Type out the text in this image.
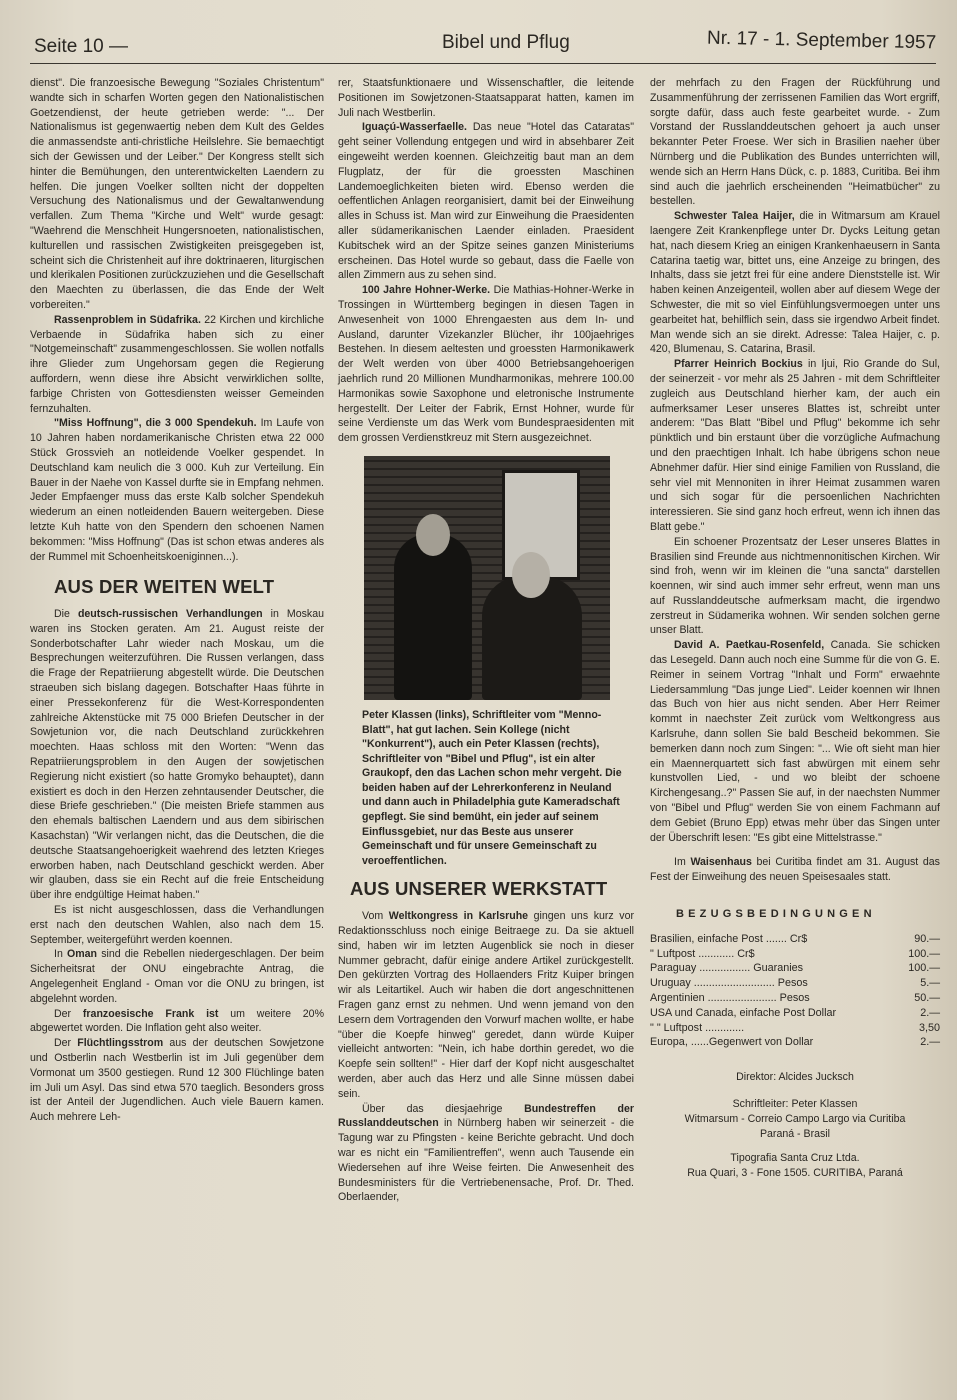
Seite 10 —	Bibel und Pflug	Nr. 17 - 1. September 1957

dienst". Die franzoesische Bewegung "Soziales Christentum" wandte sich in scharfen Worten gegen den Nationalistischen Goetzendienst, der heute getrieben werde: "... Der Nationalismus ist gegenwaertig neben dem Kult des Geldes die anmassendste anti-christliche Heilslehre. Sie bemaechtigt sich der Gewissen und der Leiber." Der Kongress stellt sich hinter die Bemühungen, den unterentwickelten Laendern zu helfen. Die jungen Voelker sollten nicht der doppelten Versuchung des Nationalismus und der Gewaltanwendung verfallen. Zum Thema "Kirche und Welt" wurde gesagt: "Waehrend die Menschheit Hungersnoeten, nationalistischen, kulturellen und rassischen Zwistigkeiten preisgegeben ist, scheint sich die Christenheit auf ihre doktrinaeren, liturgischen und klerikalen Positionen zurückzuziehen und die Gesellschaft den Maechten zu überlassen, die das Ende der Welt vorbereiten."

Rassenproblem in Südafrika. 22 Kirchen und kirchliche Verbaende in Südafrika haben sich zu einer "Notgemeinschaft" zusammengeschlossen. Sie wollen notfalls ihre Glieder zum Ungehorsam gegen die Regierung auffordern, wenn diese ihre Absicht verwirklichen sollte, farbige Christen von Gottesdiensten weisser Gemeinden fernzuhalten.

"Miss Hoffnung", die 3 000 Spendekuh. Im Laufe von 10 Jahren haben nordamerikanische Christen etwa 22 000 Stück Grossvieh an notleidende Voelker gespendet. In Deutschland kam neulich die 3 000. Kuh zur Verteilung. Ein Bauer in der Naehe von Kassel durfte sie in Empfang nehmen. Jeder Empfaenger muss das erste Kalb solcher Spendekuh wiederum an einen notleidenden Bauern weitergeben. Diese letzte Kuh hatte von den Spendern den schoenen Namen bekommen: "Miss Hoffnung" (Das ist schon etwas anderes als der Rummel mit Schoenheitskoeniginnen...).

AUS DER WEITEN WELT

Die deutsch-russischen Verhandlungen in Moskau waren ins Stocken geraten. Am 21. August reiste der Sonderbotschafter Lahr wieder nach Moskau, um die Besprechungen weiterzuführen. Die Russen verlangen, dass die Frage der Repatriierung abgestellt würde. Die Deutschen straeuben sich bislang dagegen. Botschafter Haas führte in einer Pressekonferenz für die West-Korrespondenten zahlreiche Aktenstücke mit 75 000 Briefen Deutscher in der Sowjetunion vor, die nach Deutschland zurückkehren moechten. Haas schloss mit den Worten: "Wenn das Repatriierungsproblem in den Augen der sowjetischen Regierung nicht existiert (so hatte Gromyko behauptet), dann existiert es doch in den Herzen zehntausender Deutscher, die diese Briefe geschrieben." (Die meisten Briefe stammen aus den ehemals baltischen Laendern und aus dem sibirischen Kasachstan) "Wir verlangen nicht, das die Deutschen, die die deutsche Staatsangehoerigkeit waehrend des letzten Krieges erworben haben, nach Deutschland geschickt werden. Aber wir glauben, dass sie ein Recht auf die freie Entscheidung über ihre endgültige Heimat haben."

Es ist nicht ausgeschlossen, dass die Verhandlungen erst nach den deutschen Wahlen, also nach dem 15. September, weitergeführt werden koennen.

In Oman sind die Rebellen niedergeschlagen. Der beim Sicherheitsrat der ONU eingebrachte Antrag, die Angelegenheit England - Oman vor die ONU zu bringen, ist abgelehnt worden.

Der franzoesische Frank ist um weitere 20% abgewertet worden. Die Inflation geht also weiter.

Der Flüchtlingsstrom aus der deutschen Sowjetzone und Ostberlin nach Westberlin ist im Juli gegenüber dem Vormonat um 3500 gestiegen. Rund 12 300 Flüchlinge baten im Juli um Asyl. Das sind etwa 570 taeglich. Besonders gross ist der Anteil der Jugendlichen. Auch viele Bauern kamen. Auch mehrere Leh-

rer, Staatsfunktionaere und Wissenschaftler, die leitende Positionen im Sowjetzonen-Staatsapparat hatten, kamen im Juli nach Westberlin.

Iguaçú-Wasserfaelle. Das neue "Hotel das Cataratas" geht seiner Vollendung entgegen und wird in absehbarer Zeit eingeweiht werden koennen. Gleichzeitig baut man an dem Flugplatz, der für die groessten Maschinen Landemoeglichkeiten bieten wird. Ebenso werden die oeffentlichen Anlagen reorganisiert, damit bei der Einweihung alles in Schuss ist. Man wird zur Einweihung die Praesidenten aller südamerikanischen Laender einladen. Praesident Kubitschek wird an der Spitze seines ganzen Ministeriums erscheinen. Das Hotel wurde so gebaut, dass die Faelle von allen Zimmern aus zu sehen sind.

100 Jahre Hohner-Werke. Die Mathias-Hohner-Werke in Trossingen in Württemberg begingen in diesen Tagen in Anwesenheit von 1000 Ehrengaesten aus dem In- und Ausland, darunter Vizekanzler Blücher, ihr 100jaehriges Bestehen. In diesem aeltesten und groessten Harmonikawerk der Welt werden von über 4000 Betriebsangehoerigen jaehrlich rund 20 Millionen Mundharmonikas, mehrere 100.00 Harmonikas sowie Saxophone und eletronische Instrumente hergestellt. Der Leiter der Fabrik, Ernst Hohner, wurde für seine Verdienste um das Werk vom Bundespraesidenten mit dem grossen Verdienstkreuz mit Stern ausgezeichnet.

Peter Klassen (links), Schriftleiter vom "Menno-Blatt", hat gut lachen. Sein Kollege (nicht "Konkurrent"), auch ein Peter Klassen (rechts), Schriftleiter von "Bibel und Pflug", ist ein alter Graukopf, den das Lachen schon mehr vergeht. Die beiden haben auf der Lehrerkonferenz in Neuland und dann auch in Philadelphia gute Kameradschaft gepflegt. Sie sind bemüht, ein jeder auf seinem Einflussgebiet, nur das Beste aus unserer Gemeinschaft und für unsere Gemeinschaft zu veroeffentlichen.
AUS UNSERER WERKSTATT

Vom Weltkongress in Karlsruhe gingen uns kurz vor Redaktionsschluss noch einige Beitraege zu. Da sie aktuell sind, haben wir im letzten Augenblick sie noch in dieser Nummer gebracht, dafür einige andere Artikel zurückgestellt. Den gekürzten Vortrag des Hollaenders Fritz Kuiper bringen wir als Leitartikel. Auch wir haben die dort angeschnittenen Fragen ganz ernst zu nehmen. Und wenn jemand von den Lesern dem Vortragenden den Vorwurf machen wollte, er habe "über die Koepfe hinweg" geredet, dann würde Kuiper vielleicht antworten: "Nein, ich habe dorthin geredet, wo die Koepfe sein sollten!" - Hier darf der Kopf nicht ausgeschaltet werden, aber auch das Herz und alle Sinne müssen dabei sein.

Über das diesjaehrige Bundestreffen der Russlanddeutschen in Nürnberg haben wir seinerzeit - die Tagung war zu Pfingsten - keine Berichte gebracht. Und doch war es nicht ein "Familientreffen", wenn auch Tausende ein Wiedersehen auf ihre Weise feirten. Die Anwesenheit des Bundesministers für die Vertriebenensache, Prof. Dr. Thed. Oberlaender,

der mehrfach zu den Fragen der Rückführung und Zusammenführung der zerrissenen Familien das Wort ergriff, sorgte dafür, dass auch feste gearbeitet wurde. - Zum Vorstand der Russlanddeutschen gehoert ja auch unser bekannter Peter Froese. Wer sich in Brasilien naeher über Nürnberg und die Publikation des Bundes unterrichten will, wende sich an Herrn Hans Dück, c. p. 1883, Curitiba. Bei ihm sind auch die jaehrlich erscheinenden "Heimatbücher" zu bestellen.

Schwester Talea Haijer, die in Witmarsum am Krauel laengere Zeit Krankenpflege unter Dr. Dycks Leitung getan hat, nach diesem Krieg an einigen Krankenhaeusern in Santa Catarina taetig war, bittet uns, eine Anzeige zu bringen, des Inhalts, dass sie jetzt frei für eine andere Dienststelle ist. Wir haben keinen Anzeigenteil, wollen aber auf diesem Wege der Schwester, die mit so viel Einfühlungsvermoegen unter uns gearbeitet hat, behilflich sein, dass sie irgendwo Arbeit findet. Man wende sich an sie direkt. Adresse: Talea Haijer, c. p. 420, Blumenau, S. Catarina, Brasil.

Pfarrer Heinrich Bockius in Ijui, Rio Grande do Sul, der seinerzeit - vor mehr als 25 Jahren - mit dem Schriftleiter zugleich aus Deutschland hierher kam, der auch ein aufmerksamer Leser unseres Blattes ist, schreibt unter anderem: "Das Blatt "Bibel und Pflug" bekomme ich sehr pünktlich und bin erstaunt über die vorzügliche Aufmachung und den praechtigen Inhalt. Ich habe übrigens schon neue Abnehmer dafür. Hier sind einige Familien von Russland, die sehr viel mit Mennoniten in ihrer Heimat zusammen waren und sich sogar für die persoenlichen Nachrichten interessieren. Sie sind ganz hoch erfreut, wenn ich ihnen das Blatt gebe."

Ein schoener Prozentsatz der Leser unseres Blattes in Brasilien sind Freunde aus nichtmennonitischen Kirchen. Wir sind froh, wenn wir im kleinen die "una sancta" darstellen koennen, wir sind auch immer sehr erfreut, wenn man uns auf Russlanddeutsche aufmerksam macht, die irgendwo zerstreut in Südamerika wohnen. Wir senden solchen gerne unser Blatt.

David A. Paetkau-Rosenfeld, Canada. Sie schicken das Lesegeld. Dann auch noch eine Summe für die von G. E. Reimer in seinem Vortrag "Inhalt und Form" erwaehnte Liedersammlung "Das junge Lied". Leider koennen wir Ihnen das Buch von hier aus nicht senden. Aber Herr Reimer kommt in naechster Zeit zurück vom Weltkongress aus Karlsruhe, dann sollen Sie bald Bescheid bekommen. Sie bemerken dann noch zum Singen: "... Wie oft sieht man hier ein Maennerquartett sich fast abwürgen mit einem sehr kunstvollen Lied, - und wo bleibt der schoene Kirchengesang..?" Passen Sie auf, in der naechsten Nummer von "Bibel und Pflug" werden Sie von einem Fachmann auf dem Gebiet (Bruno Epp) etwas mehr über das Singen unter der Überschrift lesen: "Es gibt eine Mittelstrasse."

Im Waisenhaus bei Curitiba findet am 31. August das Fest der Einweihung des neuen Speisesaales statt.

BEZUGSBEDINGUNGEN
Brasilien, einfache Post ....... Cr$	90.—
" Luftpost ............ Cr$	100.—
Paraguay ................. Guaranies	100.—
Uruguay ........................... Pesos	5.—
Argentinien ....................... Pesos	50.—
USA und Canada, einfache Post Dollar	2.—
" " Luftpost .............	3,50
Europa, ......Gegenwert von Dollar	2.—
Direktor: Alcides Jucksch
Schriftleiter: Peter Klassen
Witmarsum - Correio Campo Largo via Curitiba
Paraná - Brasil
Tipografia Santa Cruz Ltda.
Rua Quari, 3 - Fone 1505. CURITIBA, Paraná
